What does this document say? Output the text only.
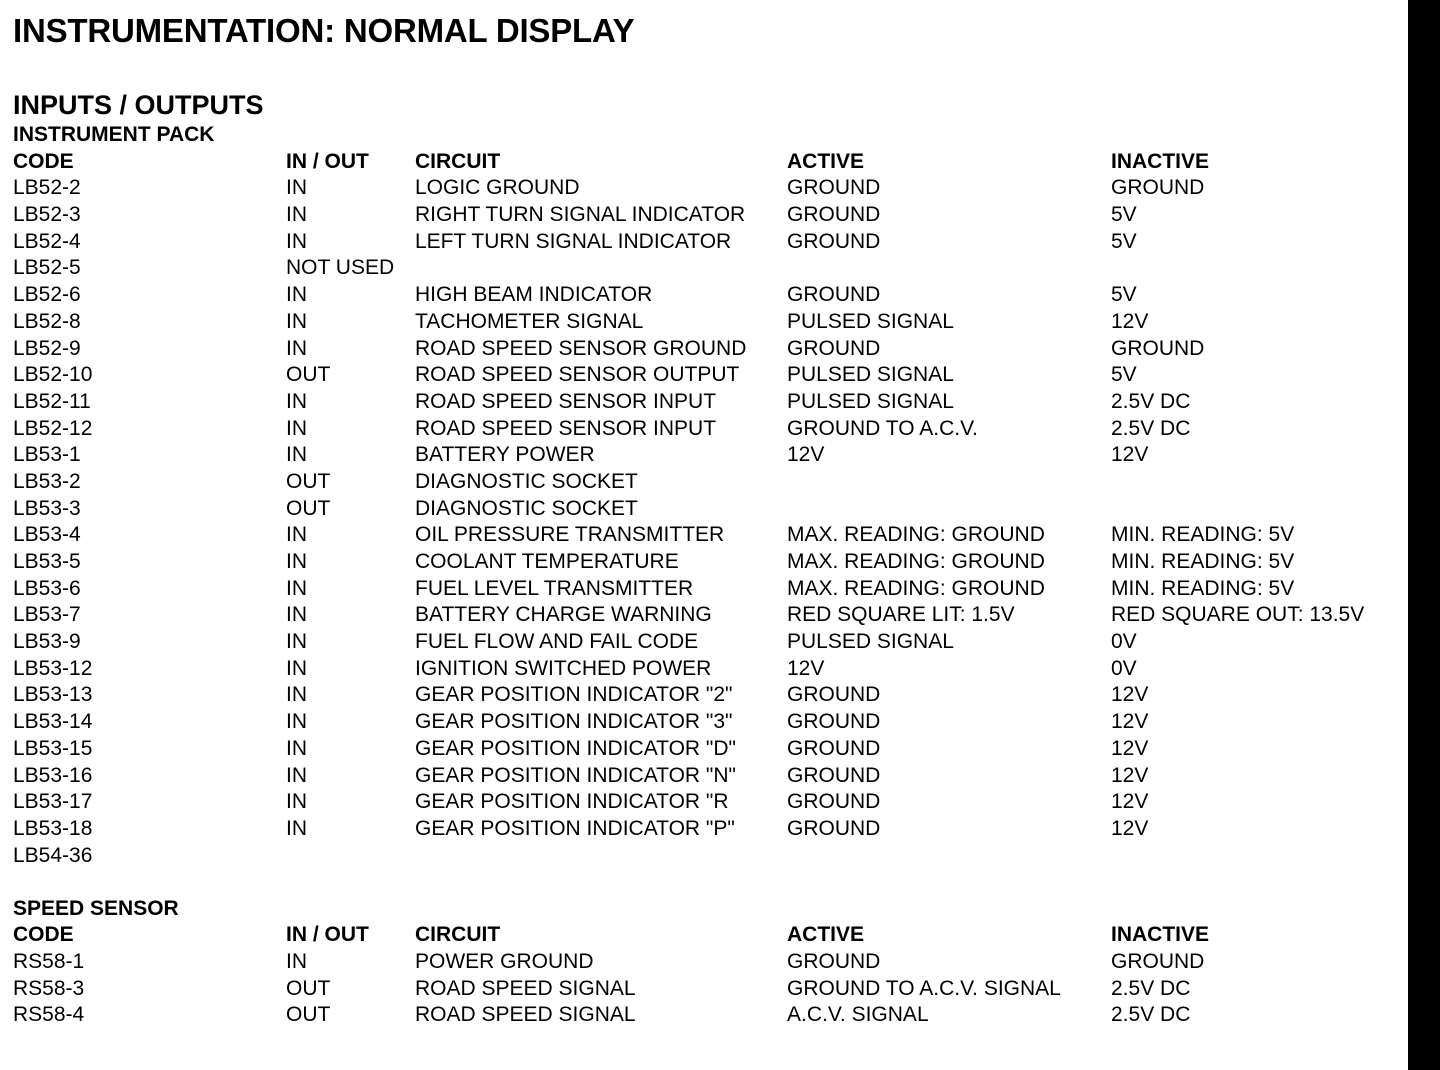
INSTRUMENTATION: NORMAL DISPLAY
INPUTS / OUTPUTS
INSTRUMENT PACK
CODE	IN / OUT	CIRCUIT	ACTIVE	INACTIVE
LB52-2	IN	LOGIC GROUND	GROUND	GROUND
LB52-3	IN	RIGHT TURN SIGNAL INDICATOR	GROUND	5V
LB52-4	IN	LEFT TURN SIGNAL INDICATOR	GROUND	5V
LB52-5	NOT USED
LB52-6	IN	HIGH BEAM INDICATOR	GROUND	5V
LB52-8	IN	TACHOMETER SIGNAL	PULSED SIGNAL	12V
LB52-9	IN	ROAD SPEED SENSOR GROUND	GROUND	GROUND
LB52-10	OUT	ROAD SPEED SENSOR OUTPUT	PULSED SIGNAL	5V
LB52-11	IN	ROAD SPEED SENSOR INPUT	PULSED SIGNAL	2.5V DC
LB52-12	IN	ROAD SPEED SENSOR INPUT	GROUND TO A.C.V.	2.5V DC
LB53-1	IN	BATTERY POWER	12V	12V
LB53-2	OUT	DIAGNOSTIC SOCKET
LB53-3	OUT	DIAGNOSTIC SOCKET
LB53-4	IN	OIL PRESSURE TRANSMITTER	MAX. READING: GROUND	MIN. READING: 5V
LB53-5	IN	COOLANT TEMPERATURE	MAX. READING: GROUND	MIN. READING: 5V
LB53-6	IN	FUEL LEVEL TRANSMITTER	MAX. READING: GROUND	MIN. READING: 5V
LB53-7	IN	BATTERY CHARGE WARNING	RED SQUARE LIT: 1.5V	RED SQUARE OUT: 13.5V
LB53-9	IN	FUEL FLOW AND FAIL CODE	PULSED SIGNAL	0V
LB53-12	IN	IGNITION SWITCHED POWER	12V	0V
LB53-13	IN	GEAR POSITION INDICATOR "2"	GROUND	12V
LB53-14	IN	GEAR POSITION INDICATOR "3"	GROUND	12V
LB53-15	IN	GEAR POSITION INDICATOR "D"	GROUND	12V
LB53-16	IN	GEAR POSITION INDICATOR "N"	GROUND	12V
LB53-17	IN	GEAR POSITION INDICATOR "R	GROUND	12V
LB53-18	IN	GEAR POSITION INDICATOR "P"	GROUND	12V
LB54-36
SPEED SENSOR
CODE	IN / OUT	CIRCUIT	ACTIVE	INACTIVE
RS58-1	IN	POWER GROUND	GROUND	GROUND
RS58-3	OUT	ROAD SPEED SIGNAL	GROUND TO A.C.V. SIGNAL	2.5V DC
RS58-4	OUT	ROAD SPEED SIGNAL	A.C.V. SIGNAL	2.5V DC
